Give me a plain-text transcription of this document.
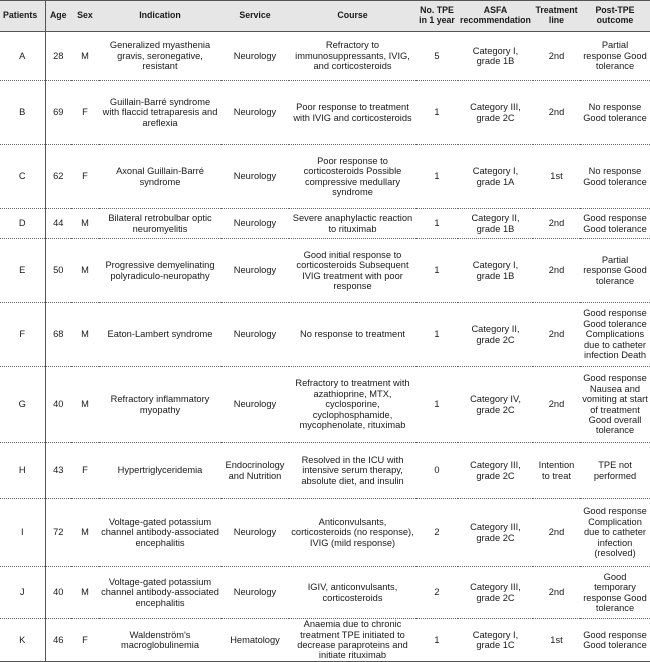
Patients	Age	Sex	Indication	Service	Course	No. TPE in 1 year	ASFA recommendation	Treatment line	Post-TPE outcome
A	28	M	Generalized myasthenia gravis, seronegative, resistant	Neurology	Refractory to immunosuppressants, IVIG, and corticosteroids	5	Category I, grade 1B	2nd	Partial response Good tolerance
B	69	F	Guillain-Barré syndrome with flaccid tetraparesis and areflexia	Neurology	Poor response to treatment with IVIG and corticosteroids	1	Category III, grade 2C	2nd	No response Good tolerance
C	62	F	Axonal Guillain-Barré syndrome	Neurology	Poor response to corticosteroids Possible compressive medullary syndrome	1	Category I, grade 1A	1st	No response Good tolerance
D	44	M	Bilateral retrobulbar optic neuromyelitis	Neurology	Severe anaphylactic reaction to rituximab	1	Category II, grade 1B	2nd	Good response Good tolerance
E	50	M	Progressive demyelinating polyradiculo-neuropathy	Neurology	Good initial response to corticosteroids Subsequent IVIG treatment with poor response	1	Category I, grade 1B	2nd	Partial response Good tolerance
F	68	M	Eaton-Lambert syndrome	Neurology	No response to treatment	1	Category II, grade 2C	2nd	Good response Good tolerance Complications due to catheter infection Death
G	40	M	Refractory inflammatory myopathy	Neurology	Refractory to treatment with azathioprine, MTX, cyclosporine, cyclophosphamide, mycophenolate, rituximab	1	Category IV, grade 2C	2nd	Good response Nausea and vomiting at start of treatment Good overall tolerance
H	43	F	Hypertriglyceridemia	Endocrinology and Nutrition	Resolved in the ICU with intensive serum therapy, absolute diet, and insulin	0	Category III, grade 2C	Intention to treat	TPE not performed
I	72	M	Voltage-gated potassium channel antibody-associated encephalitis	Neurology	Anticonvulsants, corticosteroids (no response), IVIG (mild response)	2	Category III, grade 2C	2nd	Good response Complication due to catheter infection (resolved)
J	40	M	Voltage-gated potassium channel antibody-associated encephalitis	Neurology	IGIV, anticonvulsants, corticosteroids	2	Category III, grade 2C	2nd	Good temporary response Good tolerance
K	46	F	Waldenström's macroglobulinemia	Hematology	Anaemia due to chronic treatment TPE initiated to decrease paraproteins and initiate rituximab	1	Category I, grade 1C	1st	Good response Good tolerance
